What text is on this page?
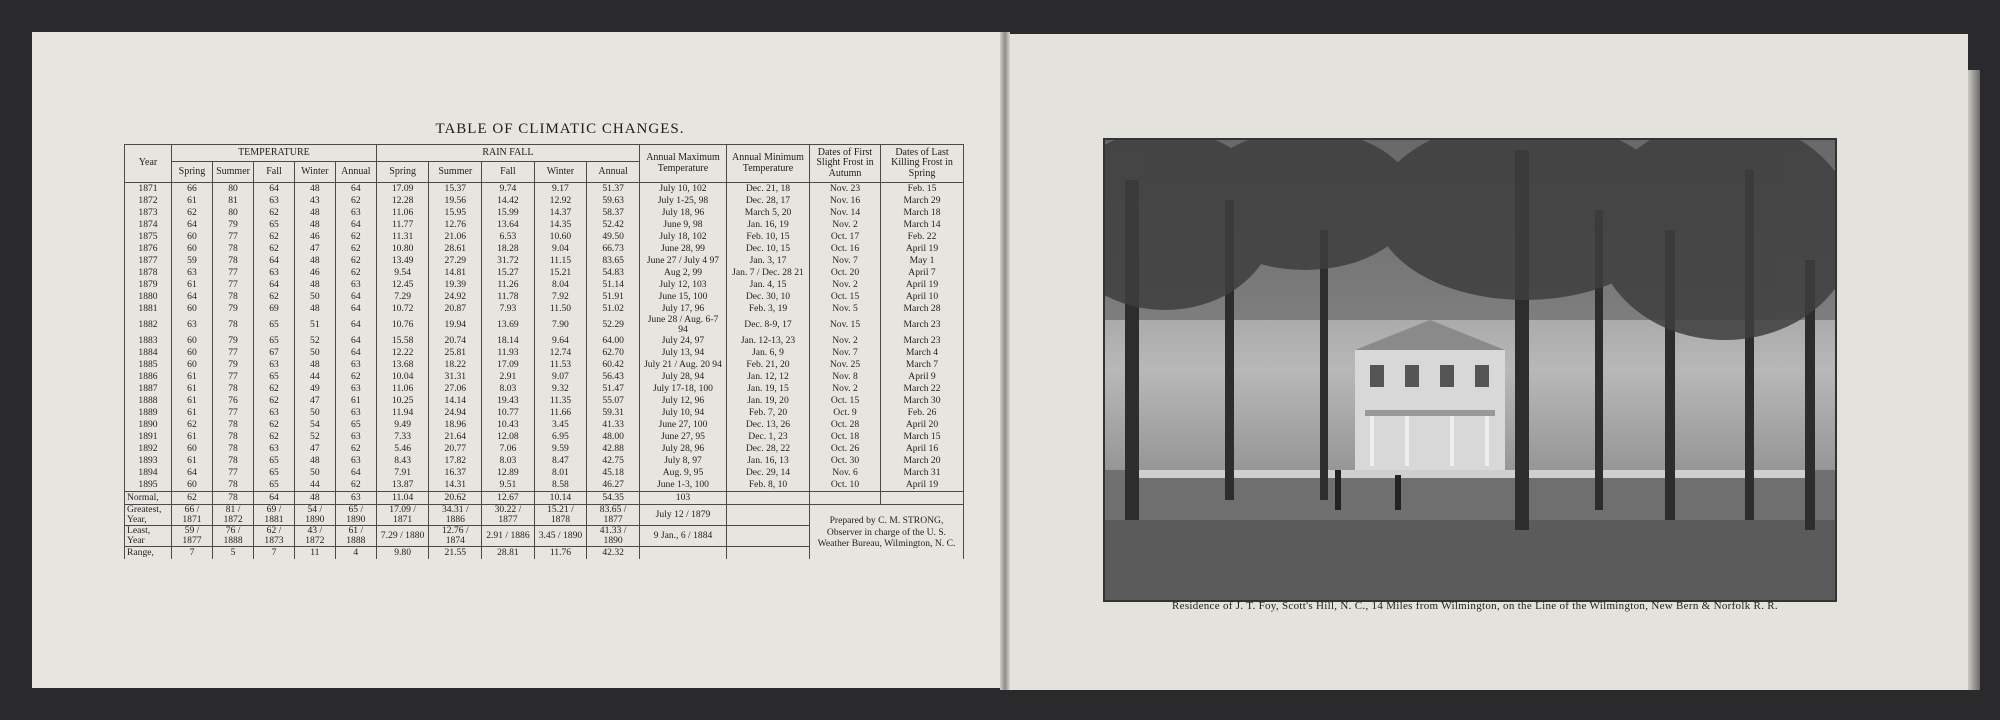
TABLE OF CLIMATIC CHANGES.
Year	TEMPERATURE					RAIN FALL					Annual Maximum Temperature	Annual Minimum Temperature	Dates of First Slight Frost in Autumn	Dates of Last Killing Frost in Spring
	Spring	Summer	Fall	Winter	Annual	Spring	Summer	Fall	Winter	Annual				
1871	66	80	64	48	64	17.09	15.37	9.74	9.17	51.37	July 10, 102	Dec. 21, 18	Nov. 23	Feb. 15
1872	61	81	63	43	62	12.28	19.56	14.42	12.92	59.63	July 1-25, 98	Dec. 28, 17	Nov. 16	March 29
1873	62	80	62	48	63	11.06	15.95	15.99	14.37	58.37	July 18, 96	March 5, 20	Nov. 14	March 18
1874	64	79	65	48	64	11.77	12.76	13.64	14.35	52.42	June 9, 98	Jan. 16, 19	Nov. 2	March 14
1875	60	77	62	46	62	11.31	21.06	6.53	10.60	49.50	July 18, 102	Feb. 10, 15	Oct. 17	Feb. 22
1876	60	78	62	47	62	10.80	28.61	18.28	9.04	66.73	June 28, 99	Dec. 10, 15	Oct. 16	April 19
1877	59	78	64	48	62	13.49	27.29	31.72	11.15	83.65	June 27 / July 4 97	Jan. 3, 17	Nov. 7	May 1
1878	63	77	63	46	62	9.54	14.81	15.27	15.21	54.83	Aug 2, 99	Jan. 7 / Dec. 28 21	Oct. 20	April 7
1879	61	77	64	48	63	12.45	19.39	11.26	8.04	51.14	July 12, 103	Jan. 4, 15	Nov. 2	April 19
1880	64	78	62	50	64	7.29	24.92	11.78	7.92	51.91	June 15, 100	Dec. 30, 10	Oct. 15	April 10
1881	60	79	69	48	64	10.72	20.87	7.93	11.50	51.02	July 17, 96	Feb. 3, 19	Nov. 5	March 28
1882	63	78	65	51	64	10.76	19.94	13.69	7.90	52.29	June 28 / Aug. 6-7 94	Dec. 8-9, 17	Nov. 15	March 23
1883	60	79	65	52	64	15.58	20.74	18.14	9.64	64.00	July 24, 97	Jan. 12-13, 23	Nov. 2	March 23
1884	60	77	67	50	64	12.22	25.81	11.93	12.74	62.70	July 13, 94	Jan. 6, 9	Nov. 7	March 4
1885	60	79	63	48	63	13.68	18.22	17.09	11.53	60.42	July 21 / Aug. 20 94	Feb. 21, 20	Nov. 25	March 7
1886	61	77	65	44	62	10.04	31.31	2.91	9.07	56.43	July 28, 94	Jan. 12, 12	Nov. 8	April 9
1887	61	78	62	49	63	11.06	27.06	8.03	9.32	51.47	July 17-18, 100	Jan. 19, 15	Nov. 2	March 22
1888	61	76	62	47	61	10.25	14.14	19.43	11.35	55.07	July 12, 96	Jan. 19, 20	Oct. 15	March 30
1889	61	77	63	50	63	11.94	24.94	10.77	11.66	59.31	July 10, 94	Feb. 7, 20	Oct. 9	Feb. 26
1890	62	78	62	54	65	9.49	18.96	10.43	3.45	41.33	June 27, 100	Dec. 13, 26	Oct. 28	April 20
1891	61	78	62	52	63	7.33	21.64	12.08	6.95	48.00	June 27, 95	Dec. 1, 23	Oct. 18	March 15
1892	60	78	63	47	62	5.46	20.77	7.06	9.59	42.88	July 28, 96	Dec. 28, 22	Oct. 26	April 16
1893	61	78	65	48	63	8.43	17.82	8.03	8.47	42.75	July 8, 97	Jan. 16, 13	Oct. 30	March 20
1894	64	77	65	50	64	7.91	16.37	12.89	8.01	45.18	Aug. 9, 95	Dec. 29, 14	Nov. 6	March 31
1895	60	78	65	44	62	13.87	14.31	9.51	8.58	46.27	June 1-3, 100	Feb. 8, 10	Oct. 10	April 19
Normal,	62	78	64	48	63	11.04	20.62	12.67	10.14	54.35	103			
Greatest, Year,	66 / 1871	81 / 1872	69 / 1881	54 / 1890	65 / 1890	17.09 / 1871	34.31 / 1886	30.22 / 1877	15.21 / 1878	83.65 / 1877	July 12 / 1879		Prepared by C. M. STRONG, Observer in charge of the U. S. Weather Bureau, Wilmington, N. C.	
Least, Year	59 / 1877	76 / 1888	62 / 1873	43 / 1872	61 / 1888	7.29 / 1880	12.76 / 1874	2.91 / 1886	3.45 / 1890	41.33 / 1890	9 Jan., 6 / 1884			
Range,	7	5	7	11	4	9.80	21.55	28.81	11.76	42.32				
Residence of J. T. Foy, Scott's Hill, N. C., 14 Miles from Wilmington, on the Line of the Wilmington, New Bern & Norfolk R. R.
